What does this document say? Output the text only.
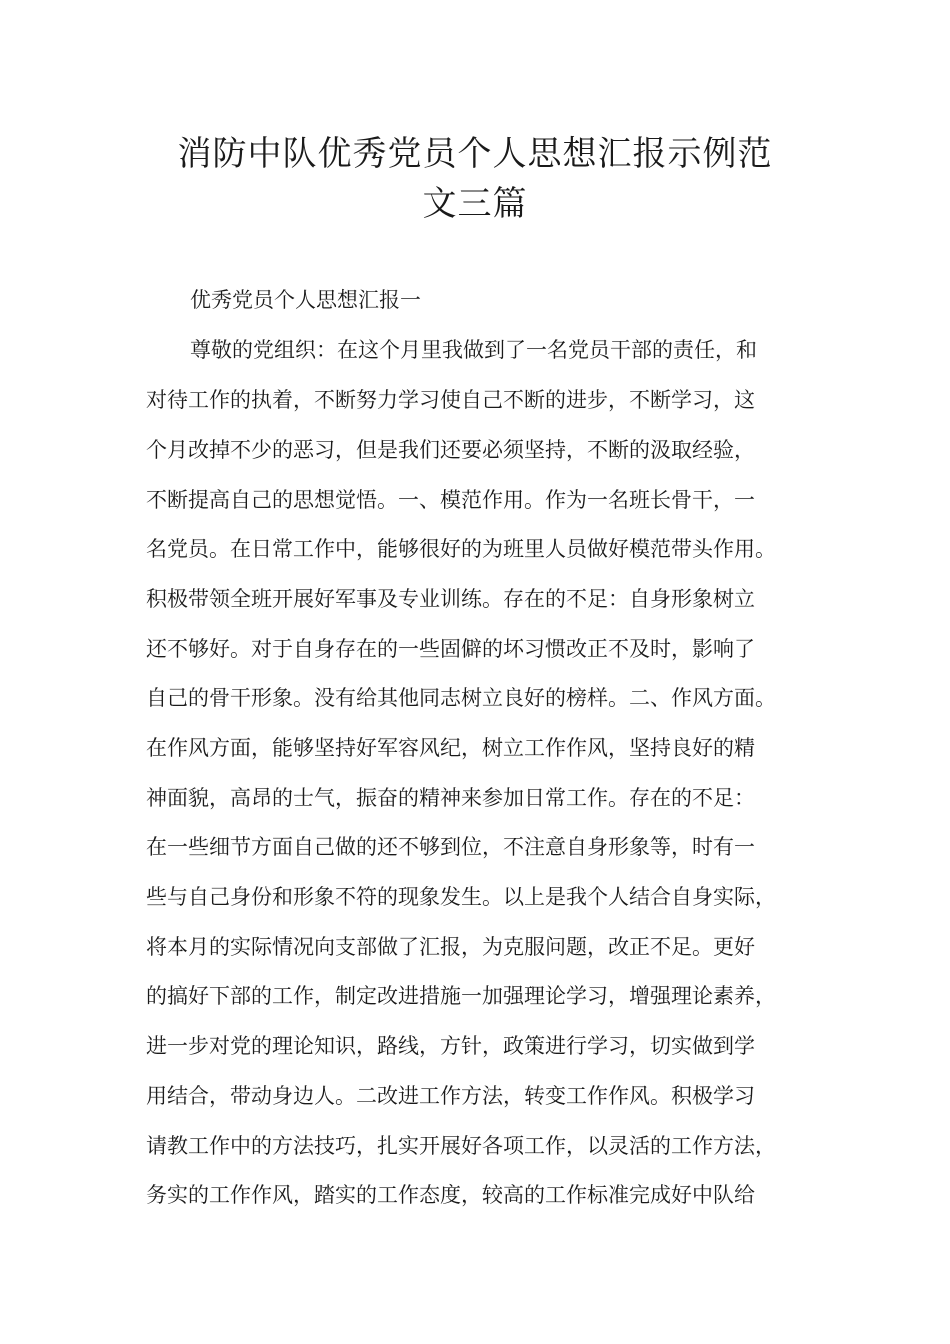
消防中队优秀党员个人思想汇报示例范
文三篇
优秀党员个人思想汇报一
尊敬的党组织：在这个月里我做到了一名党员干部的责任，和
对待工作的执着，不断努力学习使自己不断的进步，不断学习，这
个月改掉不少的恶习，但是我们还要必须坚持，不断的汲取经验，
不断提高自己的思想觉悟。一、模范作用。作为一名班长骨干，一
名党员。在日常工作中，能够很好的为班里人员做好模范带头作用。
积极带领全班开展好军事及专业训练。存在的不足：自身形象树立
还不够好。对于自身存在的一些固僻的坏习惯改正不及时，影响了
自己的骨干形象。没有给其他同志树立良好的榜样。二、作风方面。
在作风方面，能够坚持好军容风纪，树立工作作风，坚持良好的精
神面貌，高昂的士气，振奋的精神来参加日常工作。存在的不足：
在一些细节方面自己做的还不够到位，不注意自身形象等，时有一
些与自己身份和形象不符的现象发生。以上是我个人结合自身实际，
将本月的实际情况向支部做了汇报，为克服问题，改正不足。更好
的搞好下部的工作，制定改进措施一加强理论学习，增强理论素养，
进一步对党的理论知识，路线，方针，政策进行学习，切实做到学
用结合，带动身边人。二改进工作方法，转变工作作风。积极学习
请教工作中的方法技巧，扎实开展好各项工作，以灵活的工作方法，
务实的工作作风，踏实的工作态度，较高的工作标准完成好中队给
